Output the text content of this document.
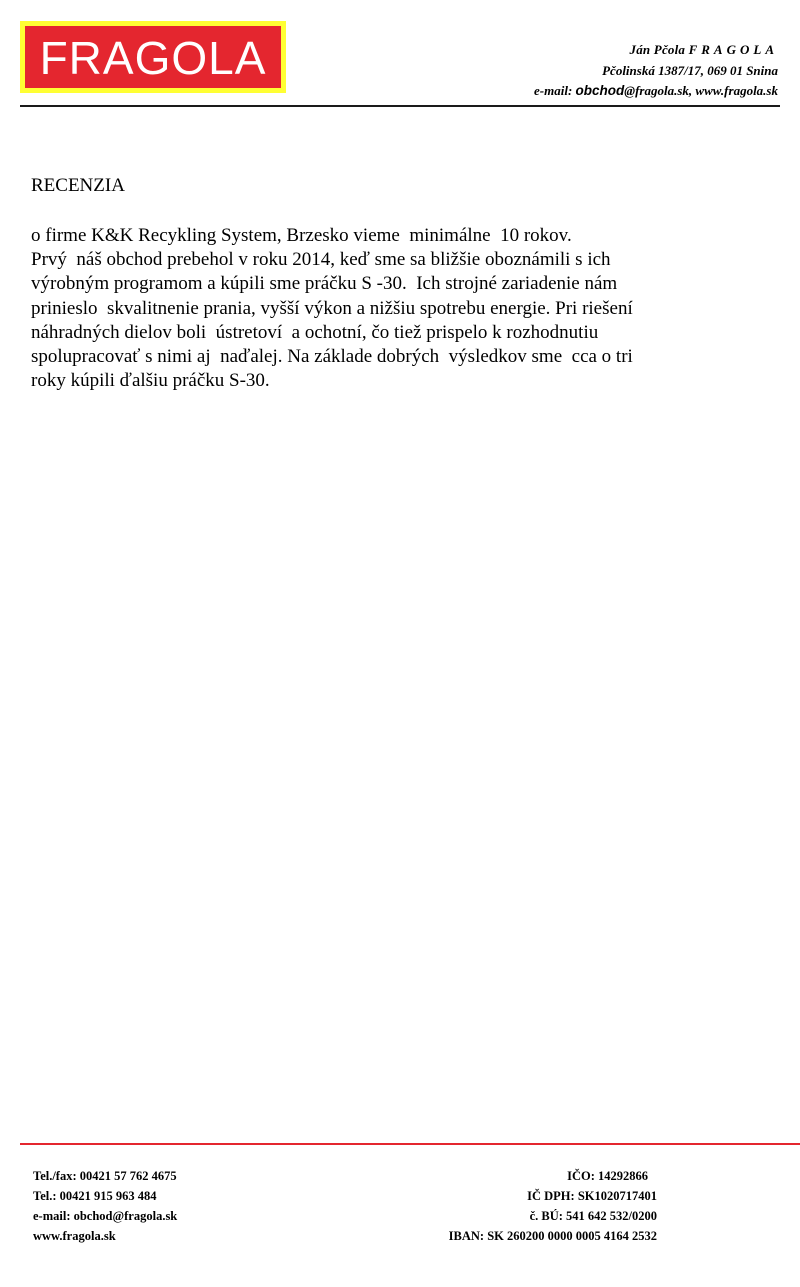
FRAGOLA	Ján Pčola FRAGOLA
Pčolinská 1387/17, 069 01 Snina
e-mail: obchod@fragola.sk, www.fragola.sk
RECENZIA
o firme K&K Recykling System, Brzesko vieme  minimálne  10 rokov.
Prvý  náš obchod prebehol v roku 2014, keď sme sa bližšie oboznámili s ich
výrobným programom a kúpili sme práčku S -30.  Ich strojné zariadenie nám
prinieslo  skvalitnenie prania, vyšší výkon a nižšiu spotrebu energie. Pri riešení
náhradných dielov boli  ústretoví  a ochotní, čo tiež prispelo k rozhodnutiu
spolupracovať s nimi aj  naďalej. Na základe dobrých  výsledkov sme  cca o tri
roky kúpili ďalšiu práčku S-30.
Tel./fax: 00421 57 762 4675
Tel.: 00421 915 963 484
e-mail: obchod@fragola.sk
www.fragola.sk
IČO: 14292866
IČ DPH: SK1020717401
č. BÚ: 541 642 532/0200
IBAN: SK 260200 0000 0005 4164 2532
